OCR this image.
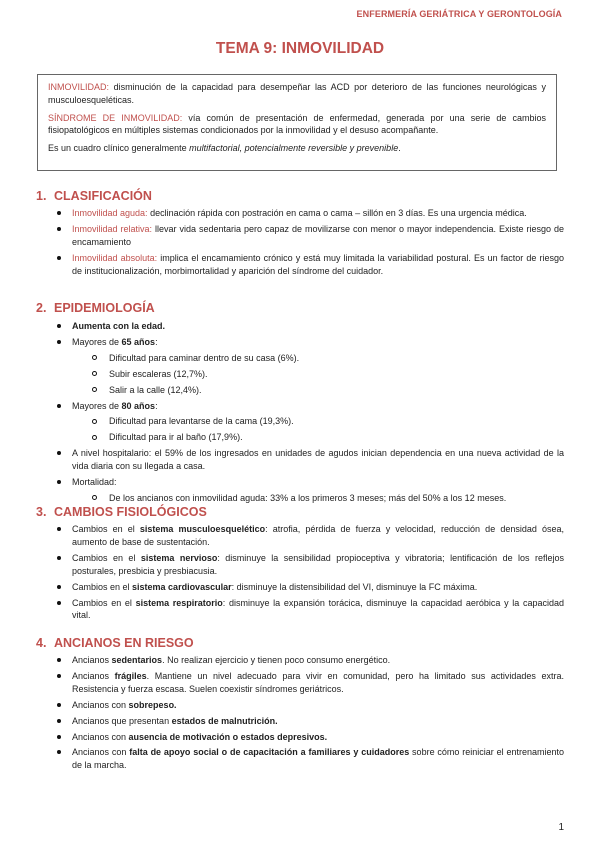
ENFERMERÍA GERIÁTRICA Y GERONTOLOGÍA
TEMA 9: INMOVILIDAD

INMOVILIDAD: disminución de la capacidad para desempeñar las ACD por deterioro de las funciones neurológicas y musculoesqueléticas.

SÍNDROME DE INMOVILIDAD: vía común de presentación de enfermedad, generada por una serie de cambios fisiopatológicos en múltiples sistemas condicionados por la inmovilidad y el desuso acompañante.

Es un cuadro clínico generalmente multifactorial, potencialmente reversible y prevenible.

1. CLASIFICACIÓN
Inmovilidad aguda: declinación rápida con postración en cama o cama – sillón en 3 días. Es una urgencia médica.
Inmovilidad relativa: llevar vida sedentaria pero capaz de movilizarse con menor o mayor independencia. Existe riesgo de encamamiento
Inmovilidad absoluta: implica el encamamiento crónico y está muy limitada la variabilidad postural. Es un factor de riesgo de institucionalización, morbimortalidad y aparición del síndrome del cuidador.
2. EPIDEMIOLOGÍA
Aumenta con la edad.
Mayores de 65 años:
Dificultad para caminar dentro de su casa (6%).
Subir escaleras (12,7%).
Salir a la calle (12,4%).
Mayores de 80 años:
Dificultad para levantarse de la cama (19,3%).
Dificultad para ir al baño (17,9%).
A nivel hospitalario: el 59% de los ingresados en unidades de agudos inician dependencia en una nueva actividad de la vida diaria con su llegada a casa.
Mortalidad:
De los ancianos con inmovilidad aguda: 33% a los primeros 3 meses; más del 50% a los 12 meses.
3. CAMBIOS FISIOLÓGICOS
Cambios en el sistema musculoesquelético: atrofia, pérdida de fuerza y velocidad, reducción de densidad ósea, aumento de base de sustentación.
Cambios en el sistema nervioso: disminuye la sensibilidad propioceptiva y vibratoria; lentificación de los reflejos posturales, presbicia y presbiacusia.
Cambios en el sistema cardiovascular: disminuye la distensibilidad del VI, disminuye la FC máxima.
Cambios en el sistema respiratorio: disminuye la expansión torácica, disminuye la capacidad aeróbica y la capacidad vital.
4. ANCIANOS EN RIESGO
Ancianos sedentarios. No realizan ejercicio y tienen poco consumo energético.
Ancianos frágiles. Mantiene un nivel adecuado para vivir en comunidad, pero ha limitado sus actividades extra. Resistencia y fuerza escasa. Suelen coexistir síndromes geriátricos.
Ancianos con sobrepeso.
Ancianos que presentan estados de malnutrición.
Ancianos con ausencia de motivación o estados depresivos.
Ancianos con falta de apoyo social o de capacitación a familiares y cuidadores sobre cómo reiniciar el entrenamiento de la marcha.
1
